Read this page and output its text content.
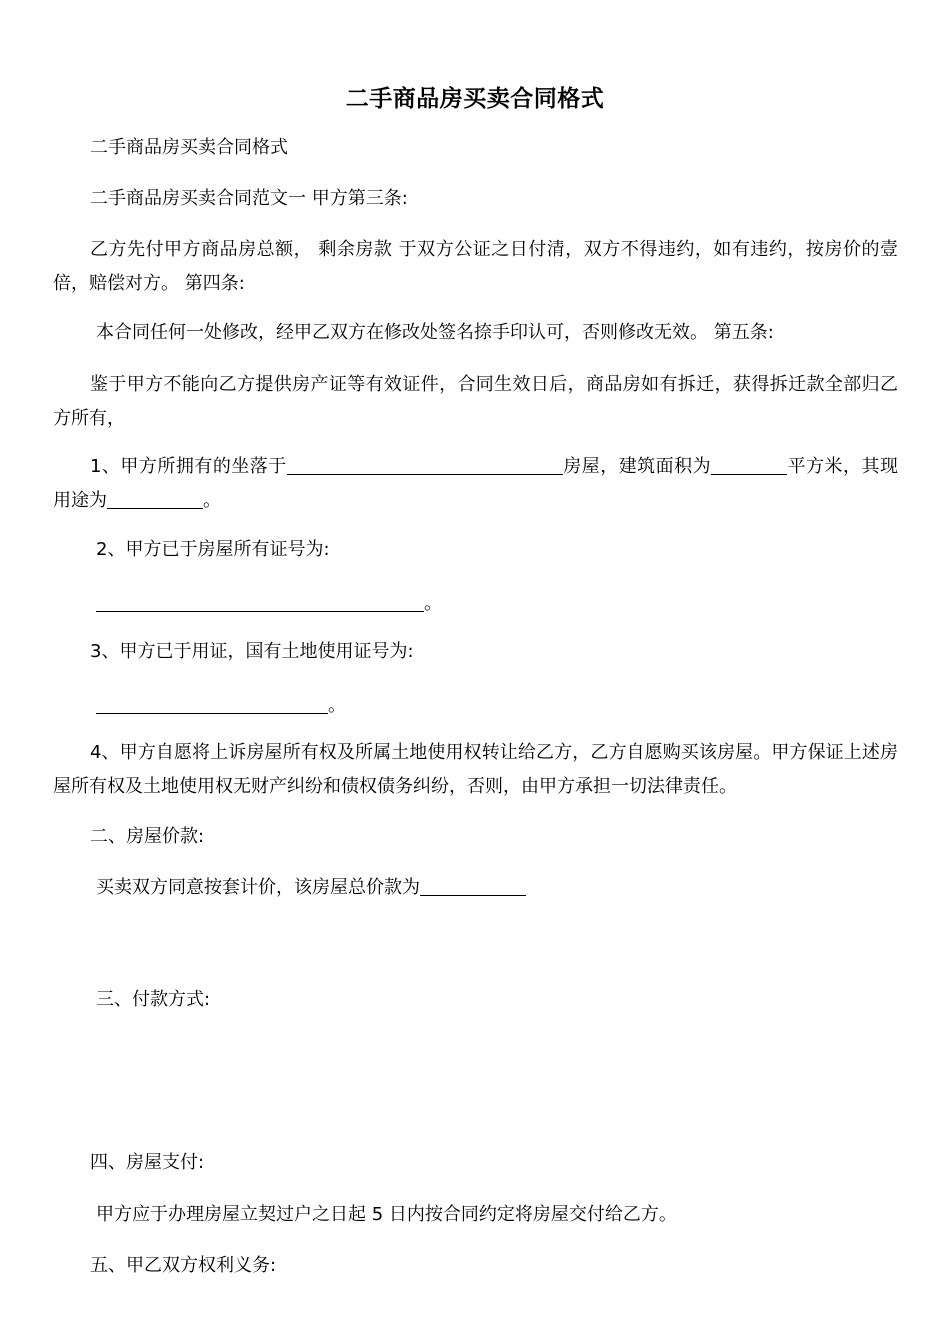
二手商品房买卖合同格式

二手商品房买卖合同格式

二手商品房买卖合同范文一 甲方第三条:

乙方先付甲方商品房总额， 剩余房款 于双方公证之日付清，双方不得违约，如有违约，按房价的壹倍，赔偿对方。 第四条:

本合同任何一处修改，经甲乙双方在修改处签名捺手印认可，否则修改无效。 第五条:

鉴于甲方不能向乙方提供房产证等有效证件，合同生效日后，商品房如有拆迁，获得拆迁款全部归乙方所有，

1、甲方所拥有的坐落于	房屋，建筑面积为	平方米，其现用途为	。

2、甲方已于房屋所有证号为:

。

3、甲方已于用证，国有土地使用证号为:

。

4、甲方自愿将上诉房屋所有权及所属土地使用权转让给乙方，乙方自愿购买该房屋。甲方保证上述房屋所有权及土地使用权无财产纠纷和债权债务纠纷，否则，由甲方承担一切法律责任。

二、房屋价款:

买卖双方同意按套计价，该房屋总价款为

三、付款方式:

四、房屋支付:

甲方应于办理房屋立契过户之日起 5 日内按合同约定将房屋交付给乙方。

五、甲乙双方权利义务:
